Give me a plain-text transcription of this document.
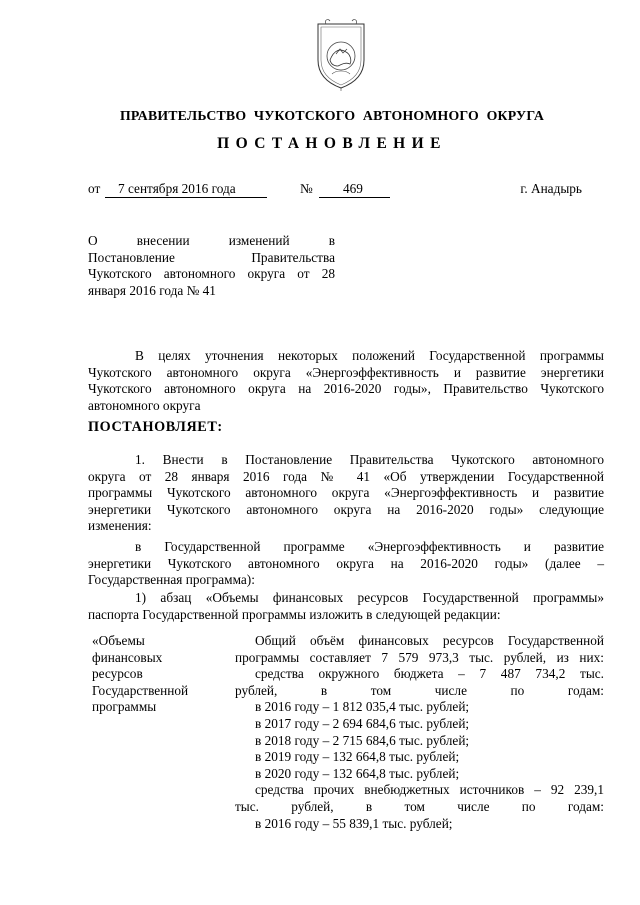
ПРАВИТЕЛЬСТВО ЧУКОТСКОГО АВТОНОМНОГО ОКРУГА
ПОСТАНОВЛЕНИЕ
от 7 сентября 2016 года	№ 469	г. Анадырь
О внесении изменений в
Постановление Правительства
Чукотского автономного округа от 28
января 2016 года № 41
В целях уточнения некоторых положений Государственной программы
Чукотского автономного округа «Энергоэффективность и развитие энергетики
Чукотского автономного округа на 2016-2020 годы», Правительство Чукотского
автономного округа
ПОСТАНОВЛЯЕТ:
1. Внести в Постановление Правительства Чукотского автономного
округа от 28 января 2016 года № 41 «Об утверждении Государственной
программы Чукотского автономного округа «Энергоэффективность и развитие
энергетики Чукотского автономного округа на 2016-2020 годы» следующие
изменения:
в Государственной программе «Энергоэффективность и развитие
энергетики Чукотского автономного округа на 2016-2020 годы» (далее –
Государственная программа):
1) абзац «Объемы финансовых ресурсов Государственной программы»
паспорта Государственной программы изложить в следующей редакции:
«Объемы
финансовых
ресурсов
Государственной
программы
Общий объём финансовых ресурсов Государственной
программы составляет 7 579 973,3 тыс. рублей, из них:
средства окружного бюджета – 7 487 734,2 тыс.
рублей, в том числе по годам:
в 2016 году – 1 812 035,4 тыс. рублей;
в 2017 году – 2 694 684,6 тыс. рублей;
в 2018 году – 2 715 684,6 тыс. рублей;
в 2019 году – 132 664,8 тыс. рублей;
в 2020 году – 132 664,8 тыс. рублей;
средства прочих внебюджетных источников – 92 239,1
тыс. рублей, в том числе по годам:
в 2016 году – 55 839,1 тыс. рублей;
